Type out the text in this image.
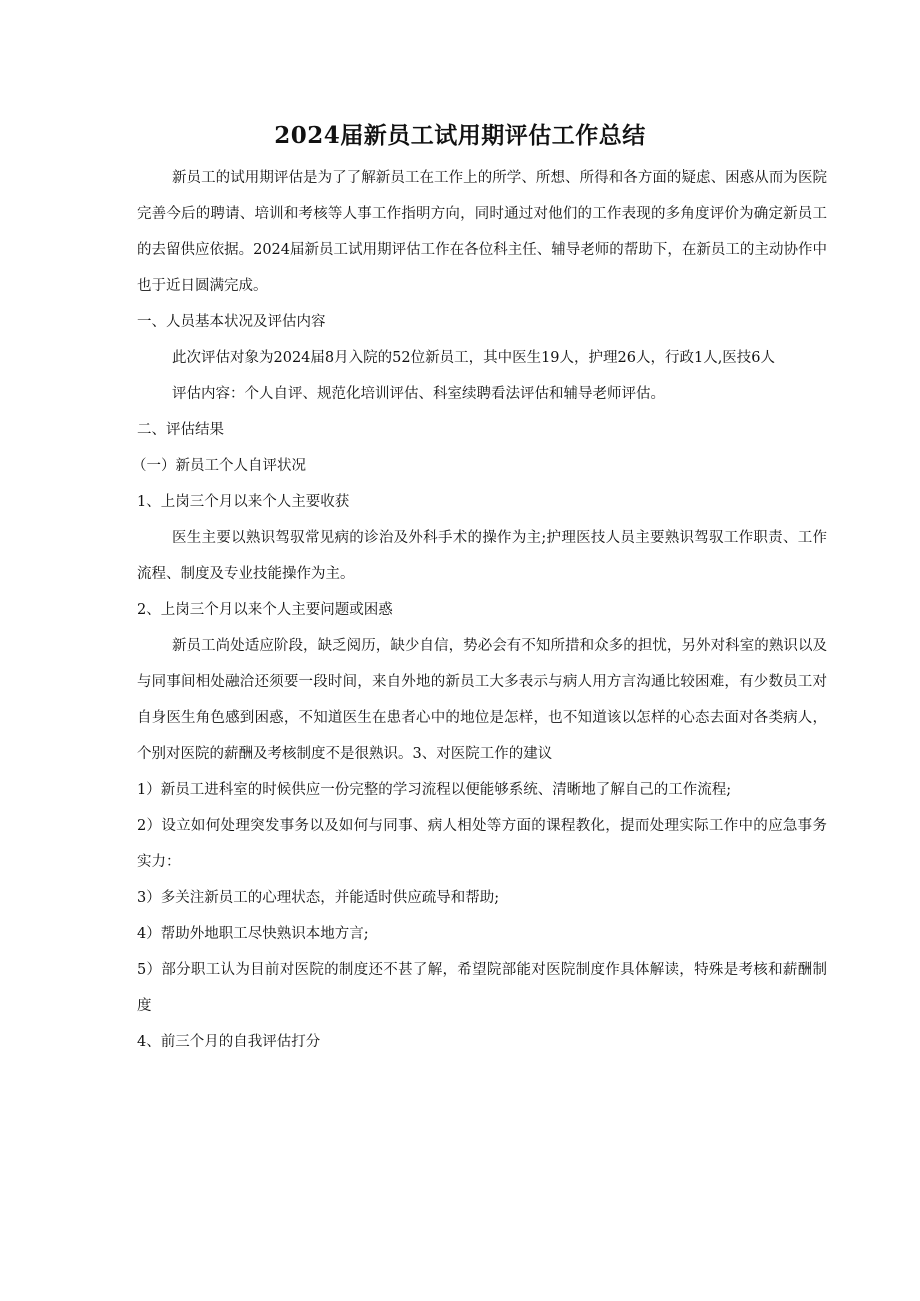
2024届新员工试用期评估工作总结

新员工的试用期评估是为了了解新员工在工作上的所学、所想、所得和各方面的疑虑、困惑从而为医院完善今后的聘请、培训和考核等人事工作指明方向，同时通过对他们的工作表现的多角度评价为确定新员工的去留供应依据。2024届新员工试用期评估工作在各位科主任、辅导老师的帮助下，在新员工的主动协作中也于近日圆满完成。

一、人员基本状况及评估内容

此次评估对象为2024届8月入院的52位新员工，其中医生19人，护理26人，行政1人,医技6人

评估内容：个人自评、规范化培训评估、科室续聘看法评估和辅导老师评估。

二、评估结果

（一）新员工个人自评状况

1、上岗三个月以来个人主要收获

医生主要以熟识驾驭常见病的诊治及外科手术的操作为主;护理医技人员主要熟识驾驭工作职责、工作流程、制度及专业技能操作为主。

2、上岗三个月以来个人主要问题或困惑

新员工尚处适应阶段，缺乏阅历，缺少自信，势必会有不知所措和众多的担忧，另外对科室的熟识以及与同事间相处融洽还须要一段时间，来自外地的新员工大多表示与病人用方言沟通比较困难，有少数员工对自身医生角色感到困惑，不知道医生在患者心中的地位是怎样，也不知道该以怎样的心态去面对各类病人，个别对医院的薪酬及考核制度不是很熟识。3、对医院工作的建议

1）新员工进科室的时候供应一份完整的学习流程以便能够系统、清晰地了解自己的工作流程;

2）设立如何处理突发事务以及如何与同事、病人相处等方面的课程教化，提而处理实际工作中的应急事务实力：

3）多关注新员工的心理状态，并能适时供应疏导和帮助;

4）帮助外地职工尽快熟识本地方言;

5）部分职工认为目前对医院的制度还不甚了解，希望院部能对医院制度作具体解读，特殊是考核和薪酬制度

4、前三个月的自我评估打分
